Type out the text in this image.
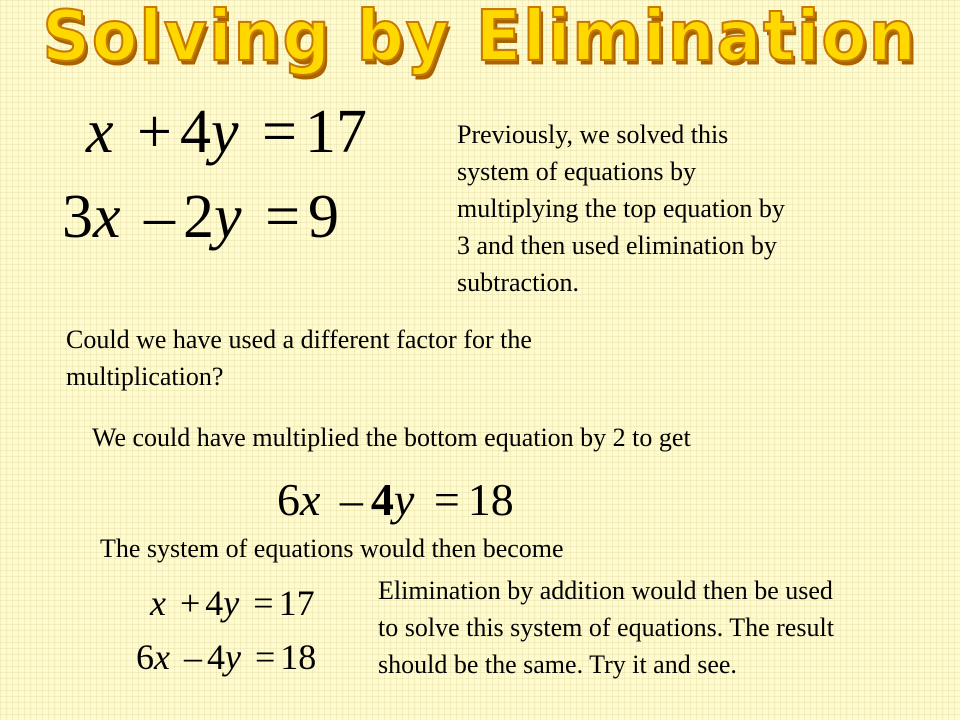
Solving by Elimination
x + 4y = 17
3x – 2y = 9
Previously, we solved this
system of equations by
multiplying the top equation by
3 and then used elimination by
subtraction.
Could we have used a different factor for the
multiplication?
We could have multiplied the bottom equation by 2 to get
6x – 4y = 18
The system of equations would then become
x + 4y = 17
6x – 4y = 18
Elimination by addition would then be used
to solve this system of equations. The result
should be the same. Try it and see.
